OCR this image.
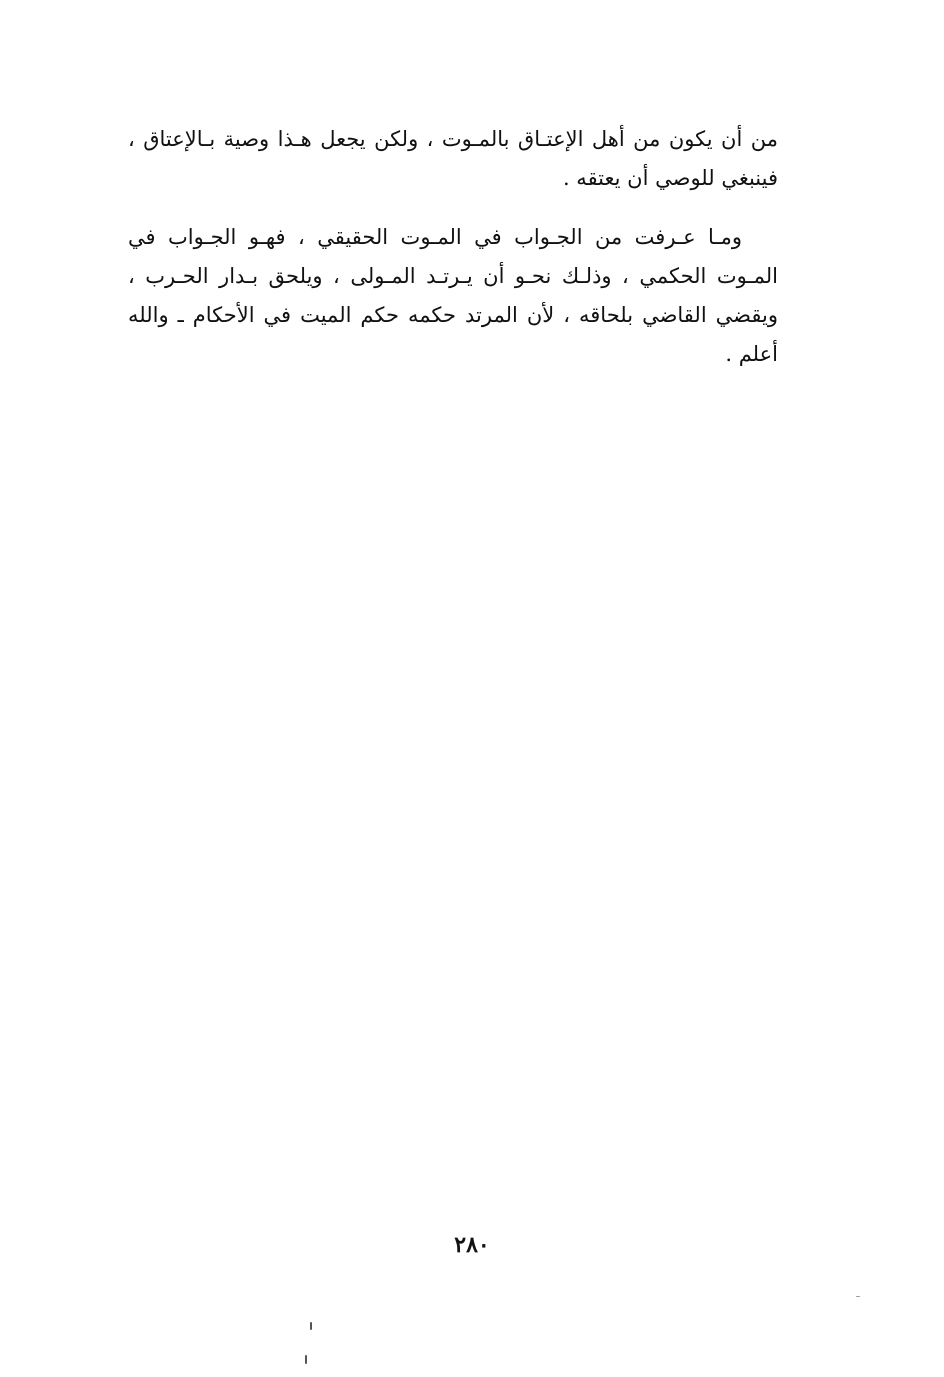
من أن يكون من أهل الإعتـاق بالمـوت ، ولكن يجعل هـذا وصية بـالإعتاق ، فينبغي للوصي أن يعتقه .

ومـا عـرفت من الجـواب في المـوت الحقيقي ، فهـو الجـواب في المـوت الحكمي ، وذلـك نحـو أن يـرتـد المـولى ، ويلحق بـدار الحـرب ، ويقضي القاضي بلحاقه ، لأن المرتد حكمه حكم الميت في الأحكام ـ والله أعلم .

٢٨٠
